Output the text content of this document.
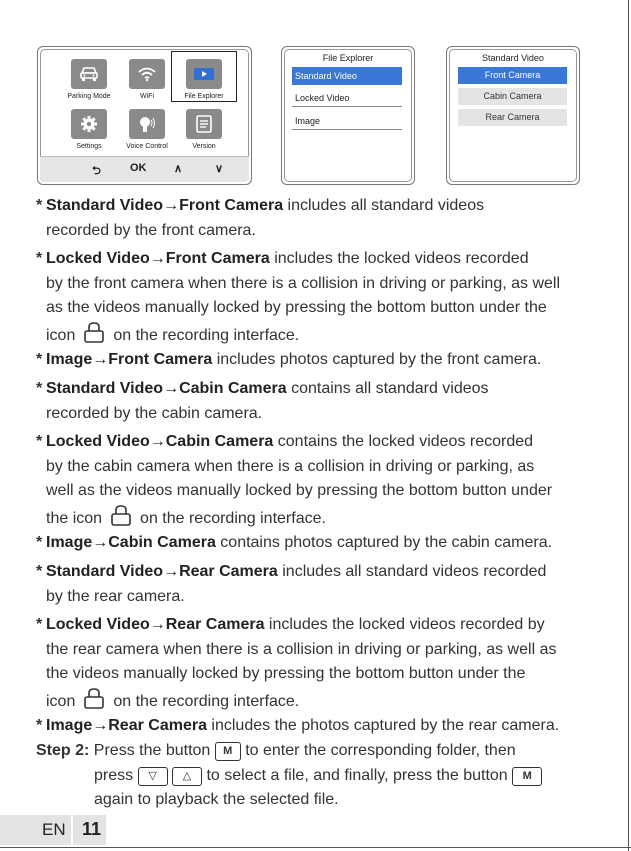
Parking Mode	WiFi	File Explorer
Settings	Voice Control	Version
⮌	OK	∧	∨
File Explorer
Standard Video
Locked Video
Image
Standard Video
Front Camera
Cabin Camera
Rear Camera
* Standard Video→Front Camera includes all standard videos
recorded by the front camera.
* Locked Video→Front Camera includes the locked videos recorded
by the front camera when there is a collision in driving or parking, as well
as the videos manually locked by pressing the bottom button under the
icon on the recording interface.
* Image→Front Camera includes photos captured by the front camera.
* Standard Video→Cabin Camera contains all standard videos
recorded by the cabin camera.
* Locked Video→Cabin Camera contains the locked videos recorded
by the cabin camera when there is a collision in driving or parking, as
well as the videos manually locked by pressing the bottom button under
the icon on the recording interface.
* Image→Cabin Camera contains photos captured by the cabin camera.
* Standard Video→Rear Camera includes all standard videos recorded
by the rear camera.
* Locked Video→Rear Camera includes the locked videos recorded by
the rear camera when there is a collision in driving or parking, as well as
the videos manually locked by pressing the bottom button under the
icon on the recording interface.
* Image→Rear Camera includes the photos captured by the rear camera.
Step 2: Press the button M to enter the corresponding folder, then
press ▽ △ to select a file, and finally, press the button M
again to playback the selected file.
EN 11
